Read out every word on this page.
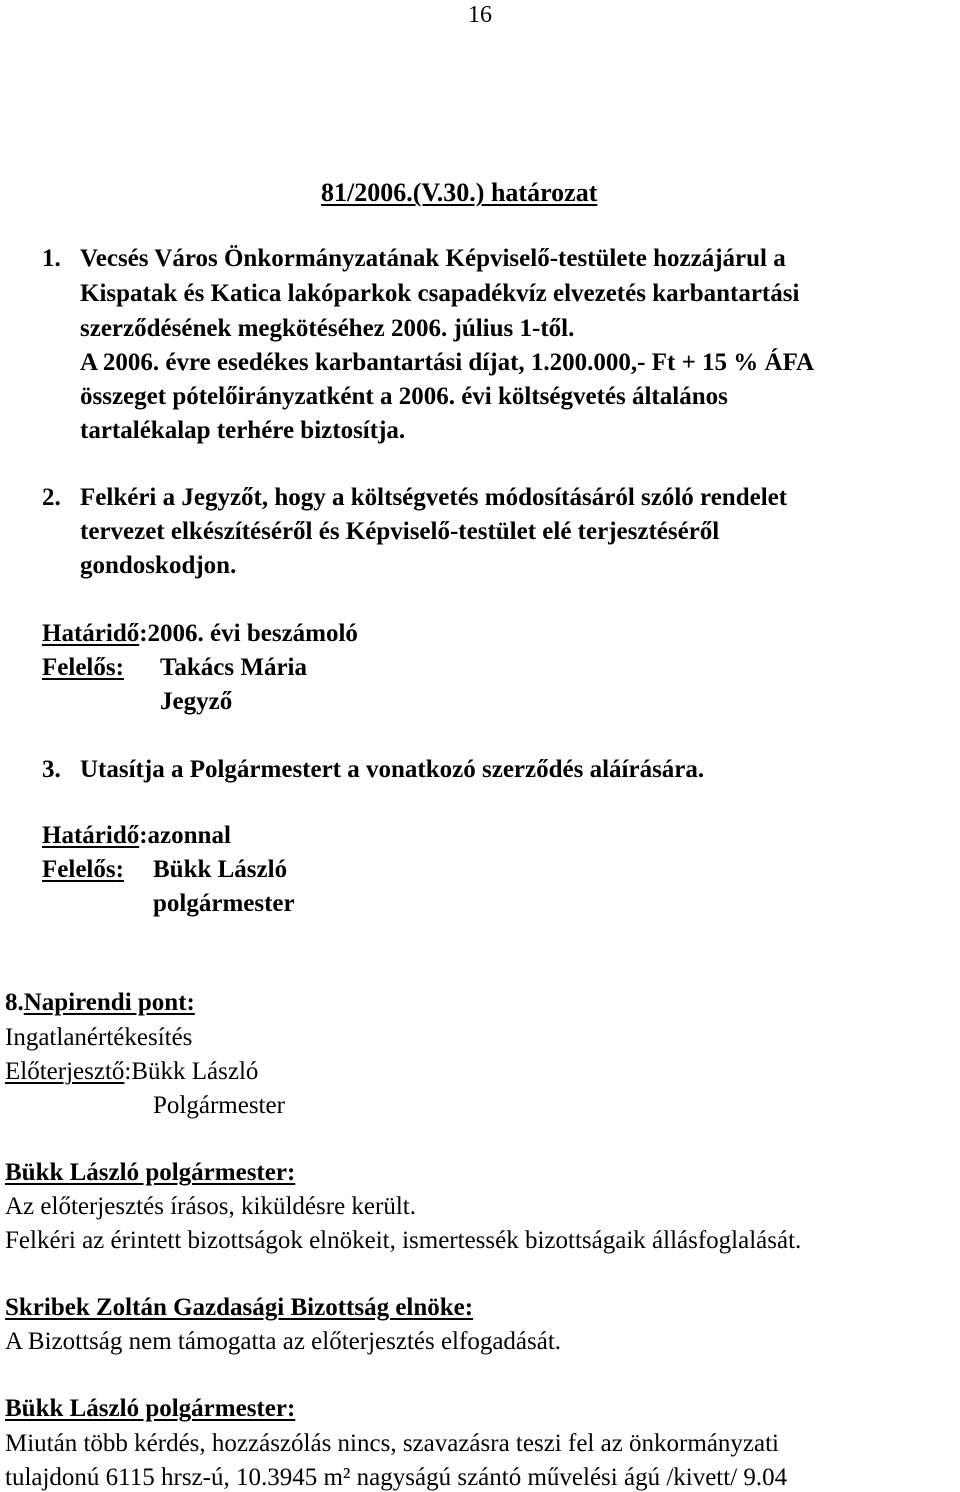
16
81/2006.(V.30.) határozat
1. Vecsés Város Önkormányzatának Képviselő-testülete hozzájárul a
Kispatak és Katica lakóparkok csapadékvíz elvezetés karbantartási
szerződésének megkötéséhez 2006. július 1-től.
A 2006. évre esedékes karbantartási díjat, 1.200.000,- Ft + 15 % ÁFA
összeget pótelőirányzatként a 2006. évi költségvetés általános
tartalékalap terhére biztosítja.
2. Felkéri a Jegyzőt, hogy a költségvetés módosításáról szóló rendelet
tervezet elkészítéséről és Képviselő-testület elé terjesztéséről
gondoskodjon.
Határidő:2006. évi beszámoló
Felelős: Takács Mária
Jegyző
3. Utasítja a Polgármestert a vonatkozó szerződés aláírására.
Határidő:azonnal
Felelős: Bükk László
polgármester
8.Napirendi pont:
Ingatlanértékesítés
Előterjesztő:Bükk László
Polgármester
Bükk László polgármester:
Az előterjesztés írásos, kiküldésre került.
Felkéri az érintett bizottságok elnökeit, ismertessék bizottságaik állásfoglalását.
Skribek Zoltán Gazdasági Bizottság elnöke:
A Bizottság nem támogatta az előterjesztés elfogadását.
Bükk László polgármester:
Miután több kérdés, hozzászólás nincs, szavazásra teszi fel az önkormányzati
tulajdonú 6115 hrsz-ú, 10.3945 m² nagyságú szántó művelési ágú /kivett/ 9.04
